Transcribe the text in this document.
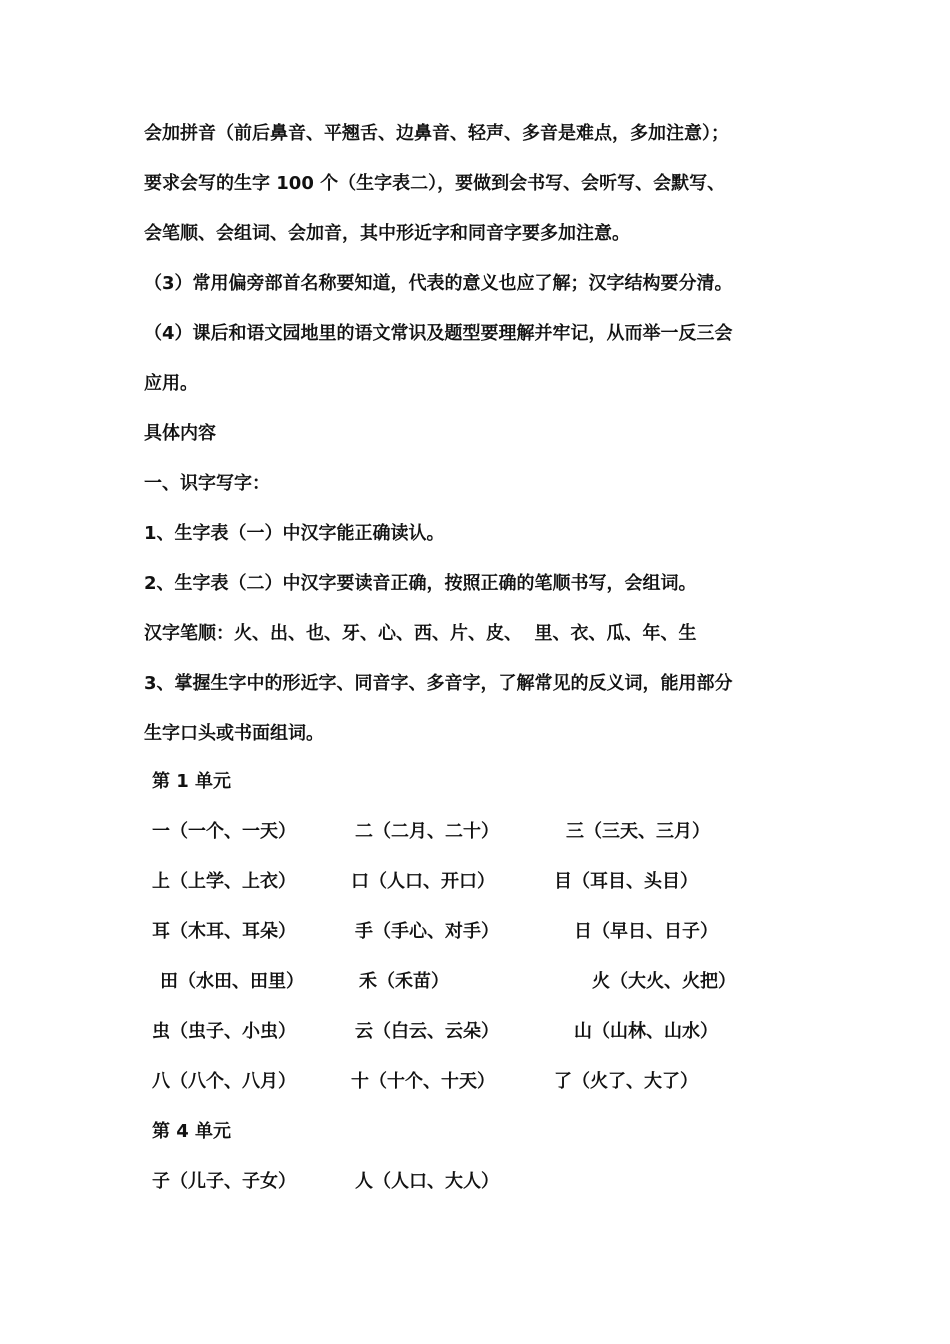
会加拼音（前后鼻音、平翘舌、边鼻音、轻声、多音是难点，多加注意）；
要求会写的生字 100 个（生字表二），要做到会书写、会听写、会默写、
会笔顺、会组词、会加音，其中形近字和同音字要多加注意。
（3）常用偏旁部首名称要知道，代表的意义也应了解；汉字结构要分清。
（4）课后和语文园地里的语文常识及题型要理解并牢记，从而举一反三会
应用。
具体内容
一、识字写字：
1、生字表（一）中汉字能正确读认。
2、生字表（二）中汉字要读音正确，按照正确的笔顺书写，会组词。
汉字笔顺：火、出、也、牙、心、西、片、皮、  里、衣、瓜、年、生
3、掌握生字中的形近字、同音字、多音字，了解常见的反义词，能用部分
生字口头或书面组词。
第 1 单元
一（一个、一天）	二（二月、二十）	三（三天、三月）
上（上学、上衣）	口（人口、开口）	目（耳目、头目）
耳（木耳、耳朵）	手（手心、对手）	日（早日、日子）
田（水田、田里）	禾（禾苗）	火（大火、火把）
虫（虫子、小虫）	云（白云、云朵）	山（山林、山水）
八（八个、八月）	十（十个、十天）	了（火了、大了）
第 4 单元
子（儿子、子女）	人（人口、大人）
